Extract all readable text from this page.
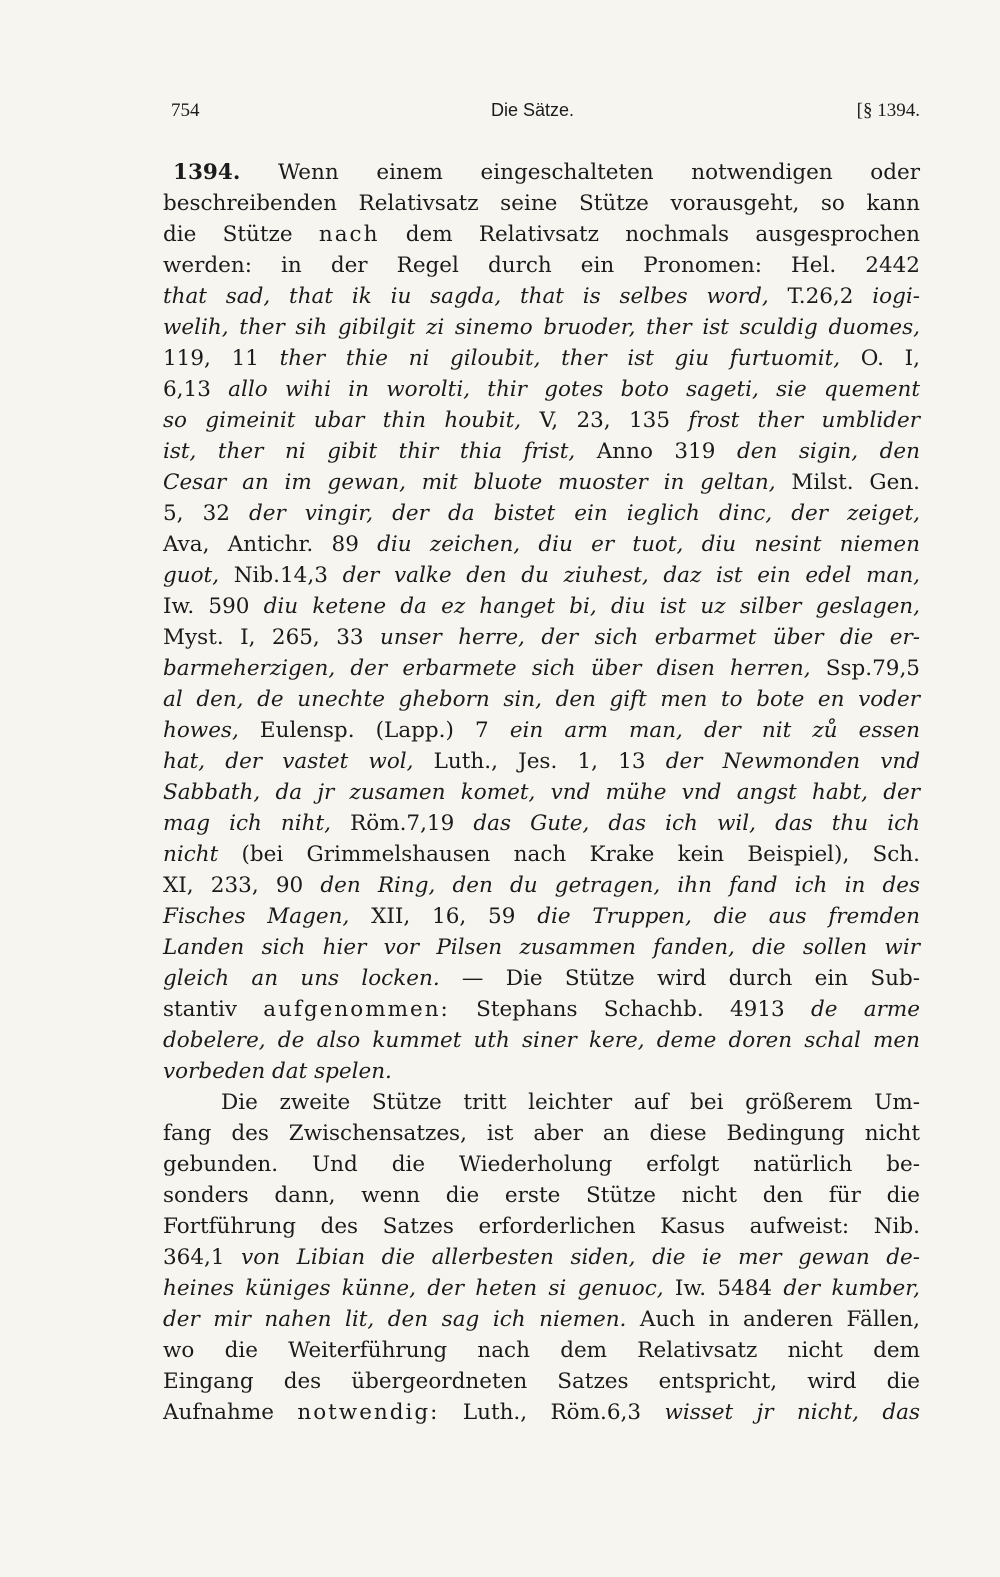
754	Die Sätze.	[§ 1394.
1394. Wenn einem eingeschalteten notwendigen oder
beschreibenden Relativsatz seine Stütze vorausgeht, so kann
die Stütze nach dem Relativsatz nochmals ausgesprochen
werden: in der Regel durch ein Pronomen: Hel. 2442
that sad, that ik iu sagda, that is selbes word, T.26,2 iogi-
welih, ther sih gibilgit zi sinemo bruoder, ther ist sculdig duomes,
119, 11 ther thie ni giloubit, ther ist giu furtuomit, O. I,
6,13 allo wihi in worolti, thir gotes boto sageti, sie quement
so gimeinit ubar thin houbit, V, 23, 135 frost ther umblider
ist, ther ni gibit thir thia frist, Anno 319 den sigin, den
Cesar an im gewan, mit bluote muoster in geltan, Milst. Gen.
5, 32 der vingir, der da bistet ein ieglich dinc, der zeiget,
Ava, Antichr. 89 diu zeichen, diu er tuot, diu nesint niemen
guot, Nib.14,3 der valke den du ziuhest, daz ist ein edel man,
Iw. 590 diu ketene da ez hanget bi, diu ist uz silber geslagen,
Myst. I, 265, 33 unser herre, der sich erbarmet über die er-
barmeherzigen, der erbarmete sich über disen herren, Ssp.79,5
al den, de unechte gheborn sin, den gift men to bote en voder
howes, Eulensp. (Lapp.) 7 ein arm man, der nit zů essen
hat, der vastet wol, Luth., Jes. 1, 13 der Newmonden vnd
Sabbath, da jr zusamen komet, vnd mühe vnd angst habt, der
mag ich niht, Röm.7,19 das Gute, das ich wil, das thu ich
nicht (bei Grimmelshausen nach Krake kein Beispiel), Sch.
XI, 233, 90 den Ring, den du getragen, ihn fand ich in des
Fisches Magen, XII, 16, 59 die Truppen, die aus fremden
Landen sich hier vor Pilsen zusammen fanden, die sollen wir
gleich an uns locken. — Die Stütze wird durch ein Sub-
stantiv aufgenommen: Stephans Schachb. 4913 de arme
dobelere, de also kummet uth siner kere, deme doren schal men
vorbeden dat spelen.
Die zweite Stütze tritt leichter auf bei größerem Um-
fang des Zwischensatzes, ist aber an diese Bedingung nicht
gebunden. Und die Wiederholung erfolgt natürlich be-
sonders dann, wenn die erste Stütze nicht den für die
Fortführung des Satzes erforderlichen Kasus aufweist: Nib.
364,1 von Libian die allerbesten siden, die ie mer gewan de-
heines küniges künne, der heten si genuoc, Iw. 5484 der kumber,
der mir nahen lit, den sag ich niemen. Auch in anderen Fällen,
wo die Weiterführung nach dem Relativsatz nicht dem
Eingang des übergeordneten Satzes entspricht, wird die
Aufnahme notwendig: Luth., Röm.6,3 wisset jr nicht, das
